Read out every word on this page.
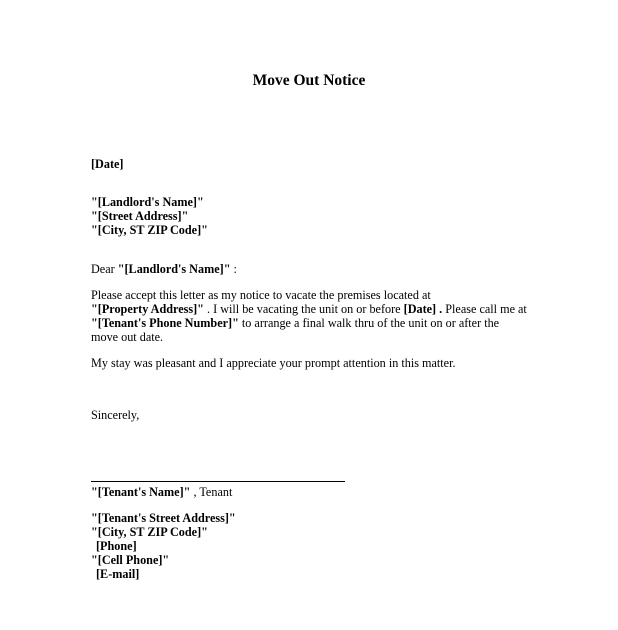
Move Out Notice
[Date]
"[Landlord's Name]"
"[Street Address]"
"[City, ST ZIP Code]"
Dear "[Landlord's Name]" :
Please accept this letter as my notice to vacate the premises located at
"[Property Address]" . I will be vacating the unit on or before [Date] . Please call me at
"[Tenant's Phone Number]" to arrange a final walk thru of the unit on or after the
move out date.
My stay was pleasant and I appreciate your prompt attention in this matter.
Sincerely,
"[Tenant's Name]" , Tenant
"[Tenant's Street Address]"
"[City, ST ZIP Code]"
[Phone]
"[Cell Phone]"
[E-mail]
